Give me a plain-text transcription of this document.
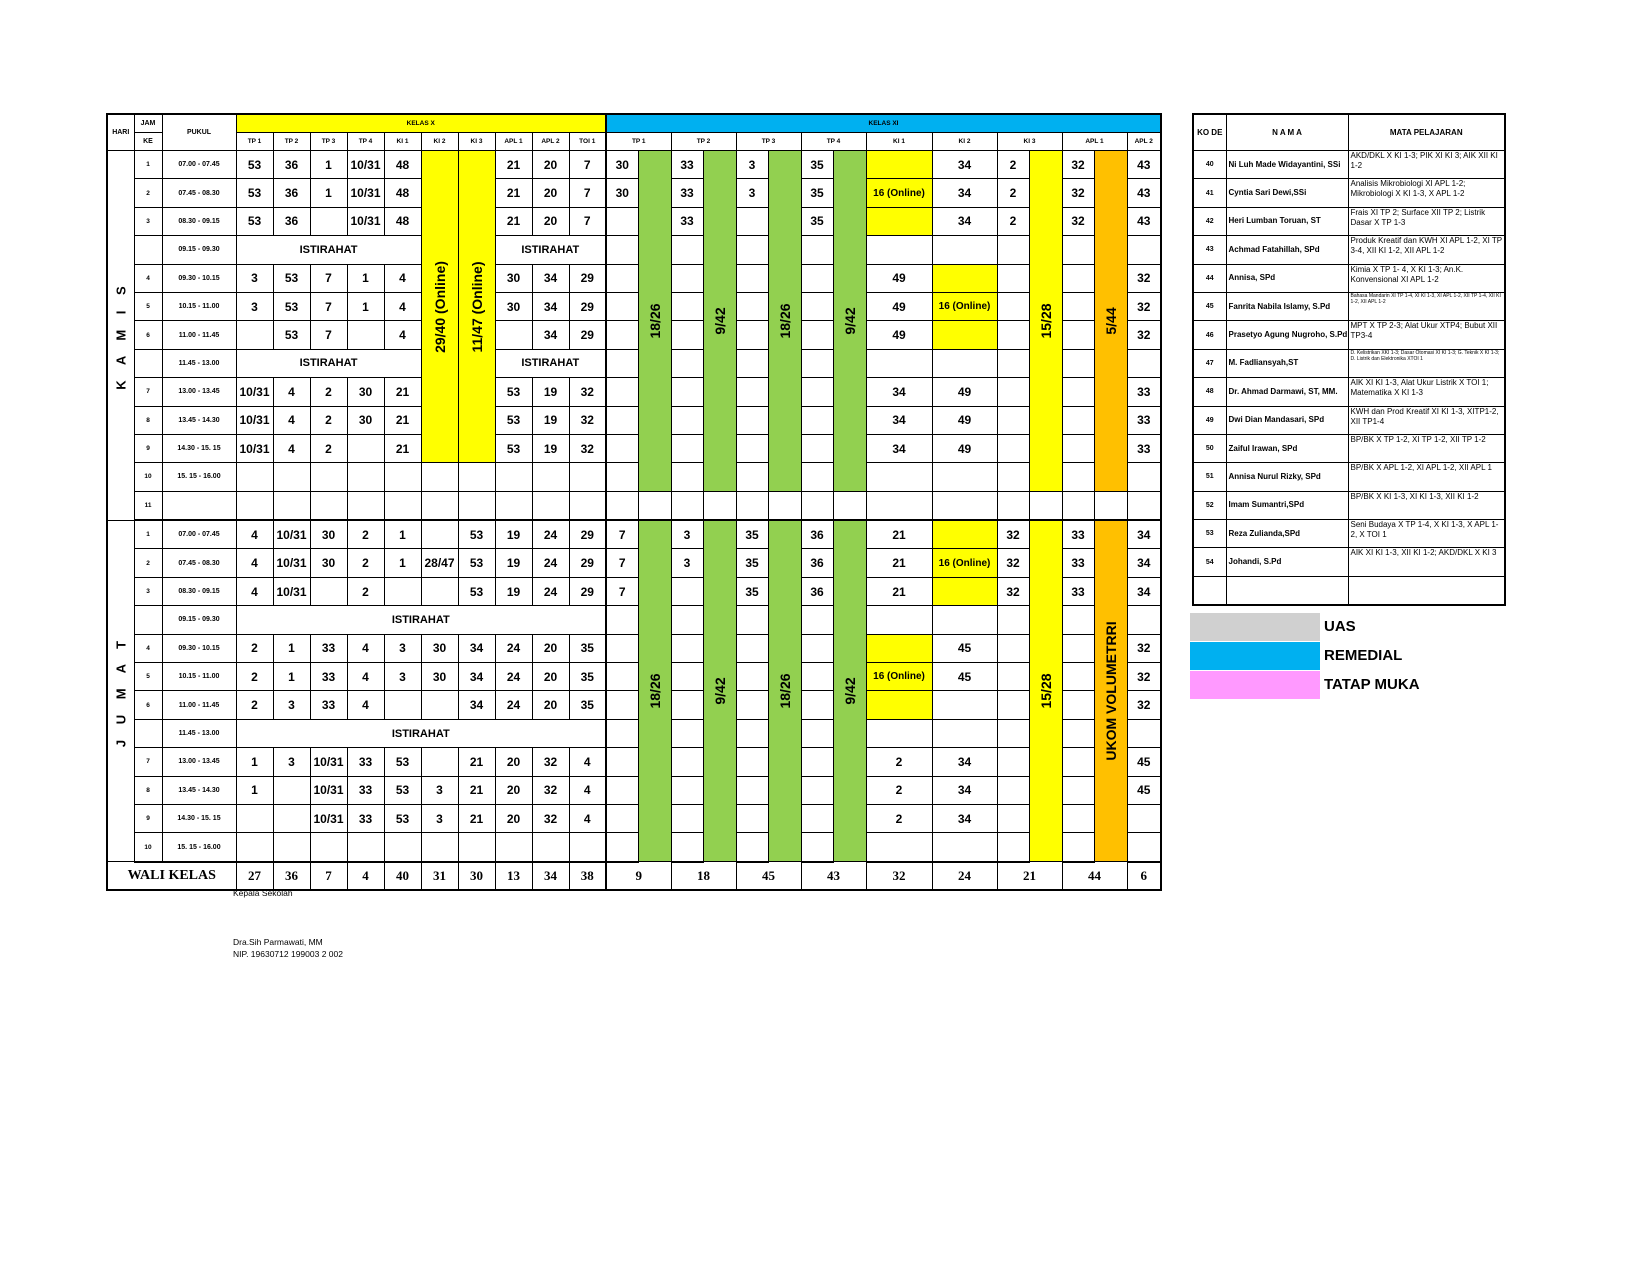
HARI	JAM	PUKUL	KELAS X										KELAS XI														
	KE		TP 1	TP 2	TP 3	TP 4	KI 1	KI 2	KI 3	APL 1	APL 2	TOI 1	TP 1		TP 2		TP 3		TP 4		KI 1	KI 2	KI 3		APL 1		APL 2

K A M I S	1	07.00 - 07.45	53	36	1	10/31	48	29/40 (Online)	11/47 (Online)	21	20	7	30	18/26	33	9/42	3	18/26	35	9/42		34	2	15/28	32	5/44	43
	2	07.45 - 08.30	53	36	1	10/31	48			21	20	7	30		33		3		35		16 (Online)	34	2		32		43
	3	08.30 - 09.15	53	36		10/31	48			21	20	7			33				35			34	2		32		43
		09.15 - 09.30	ISTIRAHAT							ISTIRAHAT																	
	4	09.30 - 10.15	3	53	7	1	4			30	34	29									49						32
	5	10.15 - 11.00	3	53	7	1	4			30	34	29									49	16 (Online)					32
	6	11.00 - 11.45		53	7		4				34	29									49						32
		11.45 - 13.00	ISTIRAHAT							ISTIRAHAT																	
	7	13.00 - 13.45	10/31	4	2	30	21			53	19	32									34	49					33
	8	13.45 - 14.30	10/31	4	2	30	21			53	19	32									34	49					33
	9	14.30 - 15. 15	10/31	4	2		21			53	19	32									34	49					33
	10	15. 15 - 16.00																									
	11																										

J U M A T	1	07.00 - 07.45	4	10/31	30	2	1		53	19	24	29	7	18/26	3	9/42	35	18/26	36	9/42	21		32	15/28	33	UKOM VOLUMETRRI	34
	2	07.45 - 08.30	4	10/31	30	2	1	28/47	53	19	24	29	7		3		35		36		21	16 (Online)	32		33		34
	3	08.30 - 09.15	4	10/31		2			53	19	24	29	7				35		36		21		32		33		34
		09.15 - 09.30	ISTIRAHAT																								
	4	09.30 - 10.15	2	1	33	4	3	30	34	24	20	35										45					32
	5	10.15 - 11.00	2	1	33	4	3	30	34	24	20	35									16 (Online)	45					32
	6	11.00 - 11.45	2	3	33	4			34	24	20	35															32
		11.45 - 13.00	ISTIRAHAT																								
	7	13.00 - 13.45	1	3	10/31	33	53		21	20	32	4									2	34					45
	8	13.45 - 14.30	1		10/31	33	53	3	21	20	32	4									2	34					45
	9	14.30 - 15. 15			10/31	33	53	3	21	20	32	4									2	34					
	10	15. 15 - 16.00																									
WALI KELAS			27	36	7	4	40	31	30	13	34	38	9		18		45		43		32	24	21		44		6
KO DE	N A M A	MATA PELAJARAN
40	Ni Luh Made Widayantini, SSi	AKD/DKL X KI 1-3; PIK XI KI 3; AIK XII KI 1-2
41	Cyntia Sari Dewi,SSi	Analisis Mikrobiologi XI APL 1-2; Mikrobiologi X KI 1-3, X APL 1-2
42	Heri Lumban Toruan, ST	Frais XI TP 2; Surface XII TP 2; Listrik Dasar X TP 1-3
43	Achmad Fatahillah, SPd	Produk Kreatif dan KWH XI APL 1-2, XI TP 3-4, XII KI 1-2, XII APL 1-2
44	Annisa, SPd	Kimia X TP 1- 4, X KI 1-3; An.K. Konvensional XI APL 1-2
45	Fanrita Nabila Islamy, S.Pd	Bahasa Mandarin XI TP 1-4, XI KI 1-3, XI APL 1-2, XII TP 1-4, XII KI 1-2, XII APL 1-2
46	Prasetyo Agung Nugroho, S.Pd	MPT X TP 2-3; Alat Ukur XTP4; Bubut XII TP3-4
47	M. Fadliansyah,ST	D. Kelistrikan XKI 1-3; Dasar Otomasi XI KI 1-3; G. Teknik X KI 1-3; D. Listrik dan Elektronika XTOI 1
48	Dr. Ahmad Darmawi, ST, MM.	AIK XI KI 1-3, Alat Ukur Listrik X TOI 1; Matematika X KI 1-3
49	Dwi Dian Mandasari, SPd	KWH dan Prod Kreatif XI KI 1-3, XITP1-2, XII TP1-4
50	Zaiful Irawan, SPd	BP/BK X TP 1-2, XI TP 1-2, XII TP 1-2
51	Annisa Nurul Rizky, SPd	BP/BK X APL 1-2, XI APL 1-2, XII APL 1
52	Imam Sumantri,SPd	BP/BK X KI 1-3, XI KI 1-3, XII KI 1-2
53	Reza Zulianda,SPd	Seni Budaya X TP 1-4, X KI 1-3, X APL 1-2, X TOI 1
54	Johandi, S.Pd	AIK XI KI 1-3, XII KI 1-2; AKD/DKL X KI 3

UAS
REMEDIAL
TATAP MUKA
Kepala Sekolah
Dra.Sih Parmawati, MM
NIP. 19630712 199003 2 002
